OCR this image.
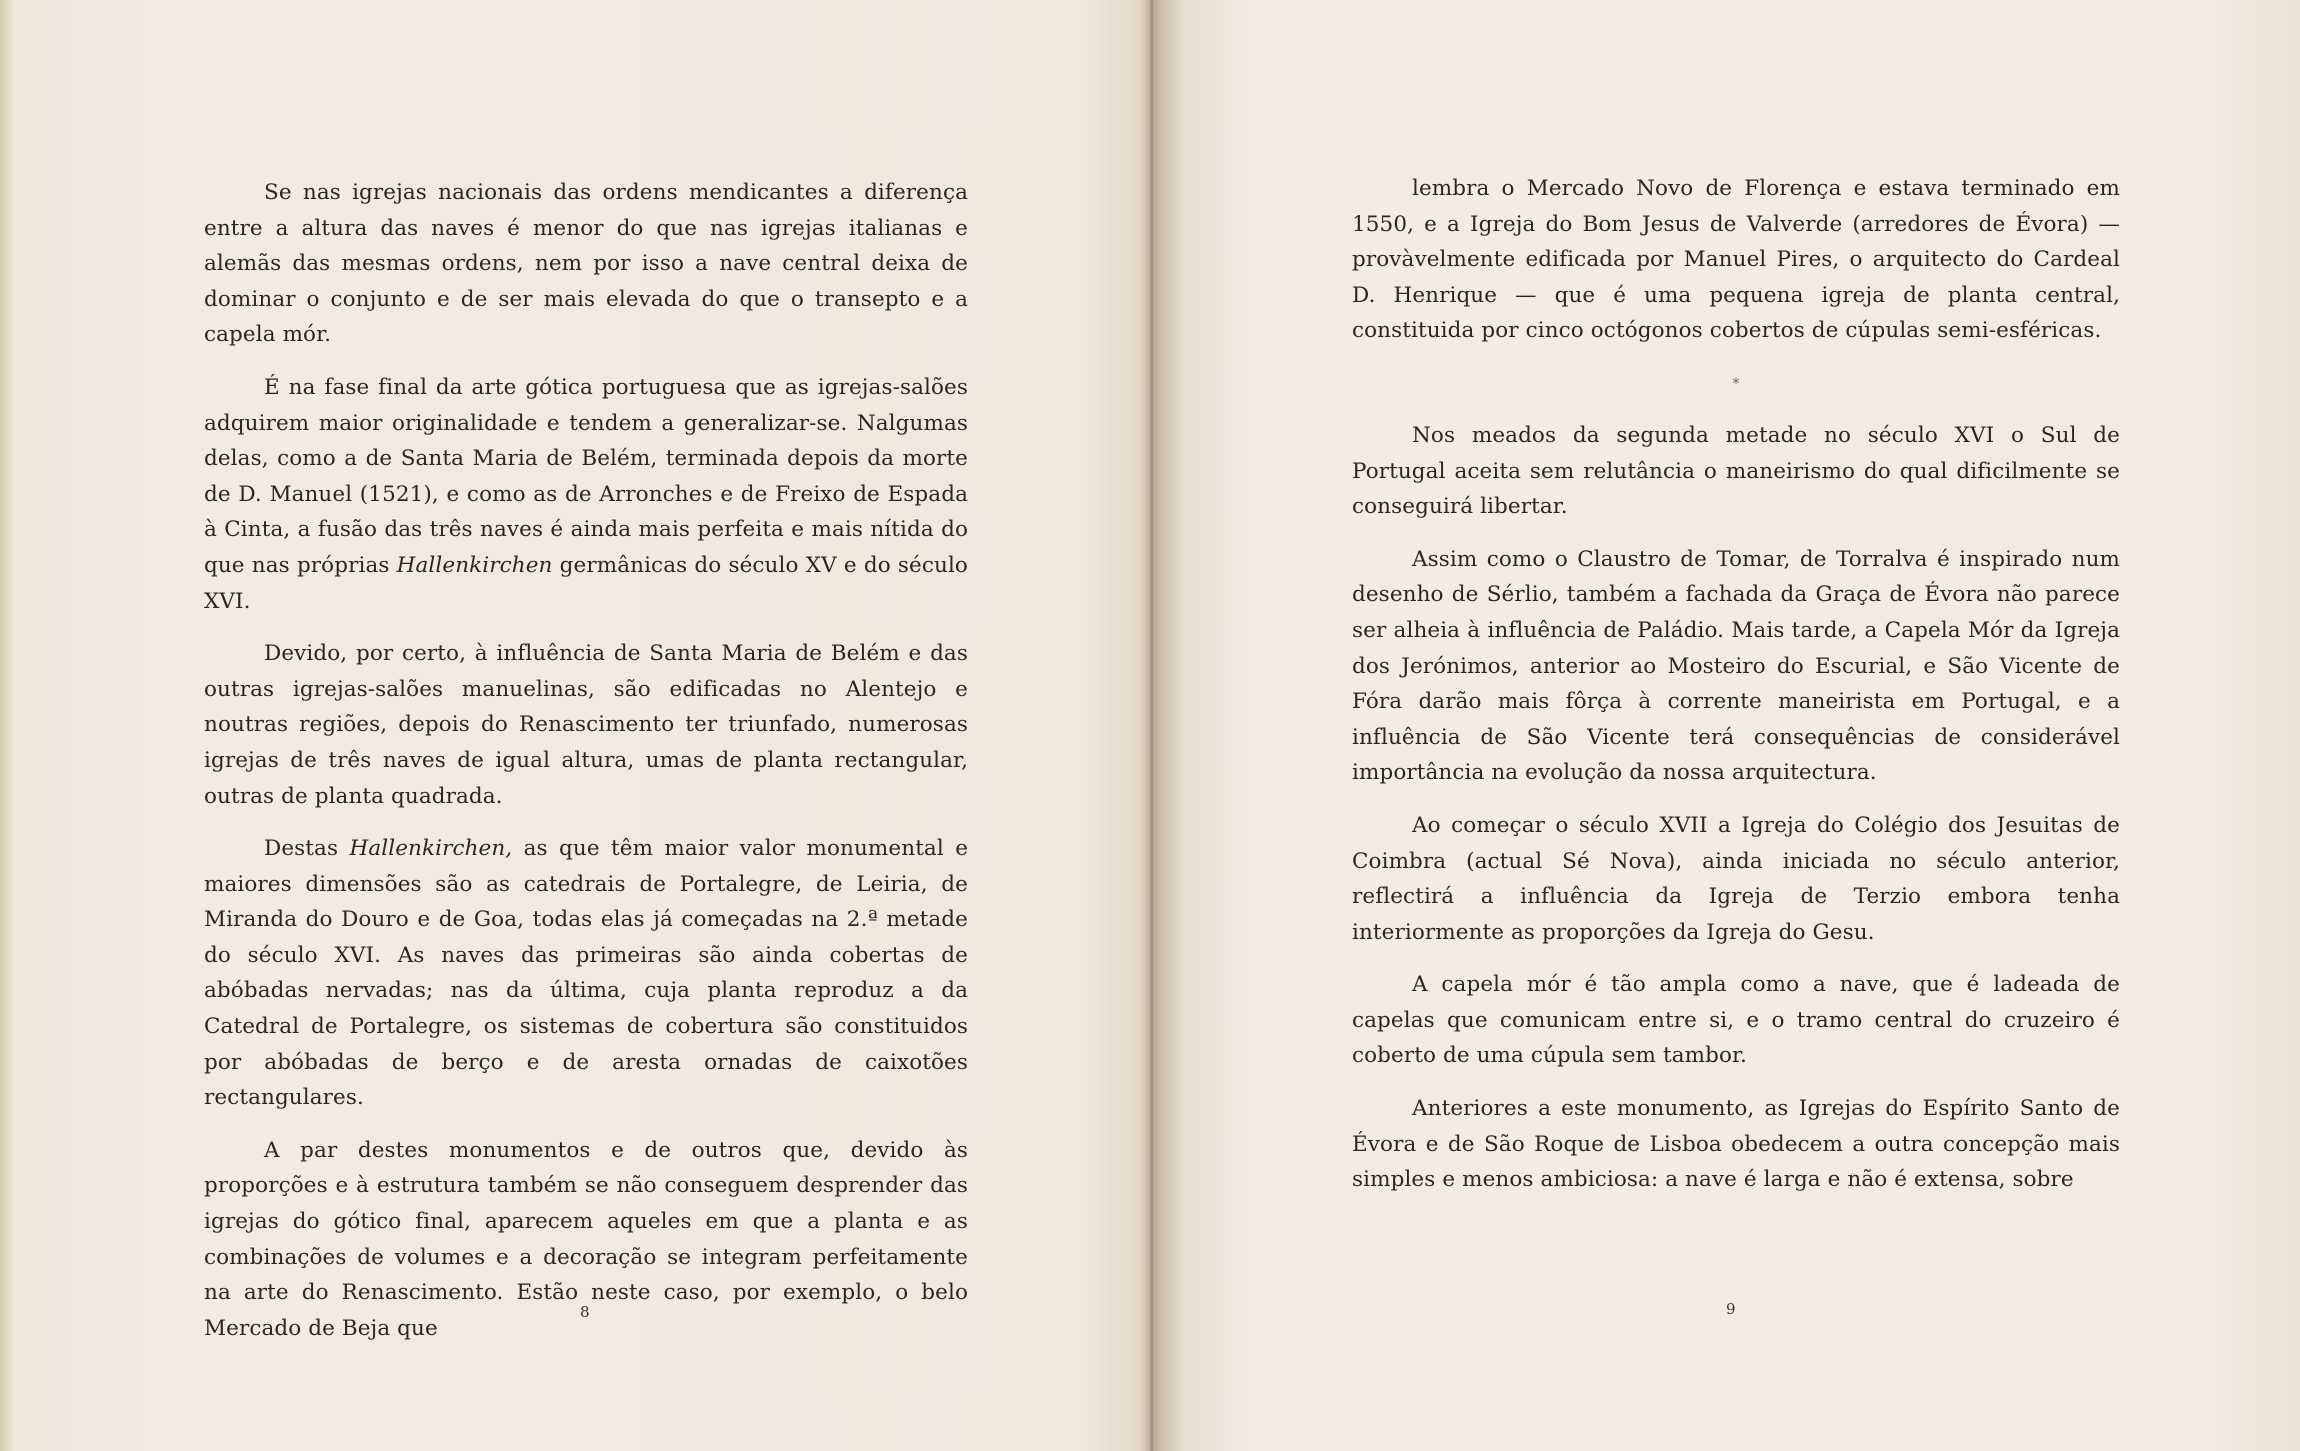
Se nas igrejas nacionais das ordens mendicantes a diferença entre a altura das naves é menor do que nas igrejas italianas e alemãs das mesmas ordens, nem por isso a nave central deixa de dominar o conjunto e de ser mais elevada do que o transepto e a capela mór.

É na fase final da arte gótica portuguesa que as igrejas-salões adquirem maior originalidade e tendem a generalizar-se. Nalgumas delas, como a de Santa Maria de Belém, terminada depois da morte de D. Manuel (1521), e como as de Arronches e de Freixo de Espada à Cinta, a fusão das três naves é ainda mais perfeita e mais nítida do que nas próprias Hallenkirchen germânicas do século XV e do século XVI.

Devido, por certo, à influência de Santa Maria de Belém e das outras igrejas-salões manuelinas, são edificadas no Alentejo e noutras regiões, depois do Renascimento ter triunfado, numerosas igrejas de três naves de igual altura, umas de planta rectangular, outras de planta quadrada.

Destas Hallenkirchen, as que têm maior valor monumental e maiores dimensões são as catedrais de Portalegre, de Leiria, de Miranda do Douro e de Goa, todas elas já começadas na 2.ª metade do século XVI. As naves das primeiras são ainda cobertas de abóbadas nervadas; nas da última, cuja planta reproduz a da Catedral de Portalegre, os sistemas de cobertura são constituidos por abóbadas de berço e de aresta ornadas de caixotões rectangulares.

A par destes monumentos e de outros que, devido às proporções e à estrutura também se não conseguem desprender das igrejas do gótico final, aparecem aqueles em que a planta e as combinações de volumes e a decoração se integram perfeitamente na arte do Renascimento. Estão neste caso, por exemplo, o belo Mercado de Beja que

8

lembra o Mercado Novo de Florença e estava terminado em 1550, e a Igreja do Bom Jesus de Valverde (arredores de Évora) — provàvelmente edificada por Manuel Pires, o arquitecto do Cardeal D. Henrique — que é uma pequena igreja de planta central, constituida por cinco octógonos cobertos de cúpulas semi-esféricas.

*

Nos meados da segunda metade no século XVI o Sul de Portugal aceita sem relutância o maneirismo do qual dificilmente se conseguirá libertar.

Assim como o Claustro de Tomar, de Torralva é inspirado num desenho de Sérlio, também a fachada da Graça de Évora não parece ser alheia à influência de Paládio. Mais tarde, a Capela Mór da Igreja dos Jerónimos, anterior ao Mosteiro do Escurial, e São Vicente de Fóra darão mais fôrça à corrente maneirista em Portugal, e a influência de São Vicente terá consequências de considerável importância na evolução da nossa arquitectura.

Ao começar o século XVII a Igreja do Colégio dos Jesuitas de Coimbra (actual Sé Nova), ainda iniciada no século anterior, reflectirá a influência da Igreja de Terzio embora tenha interiormente as proporções da Igreja do Gesu.

A capela mór é tão ampla como a nave, que é ladeada de capelas que comunicam entre si, e o tramo central do cruzeiro é coberto de uma cúpula sem tambor.

Anteriores a este monumento, as Igrejas do Espírito Santo de Évora e de São Roque de Lisboa obedecem a outra concepção mais simples e menos ambiciosa: a nave é larga e não é extensa, sobre

9
